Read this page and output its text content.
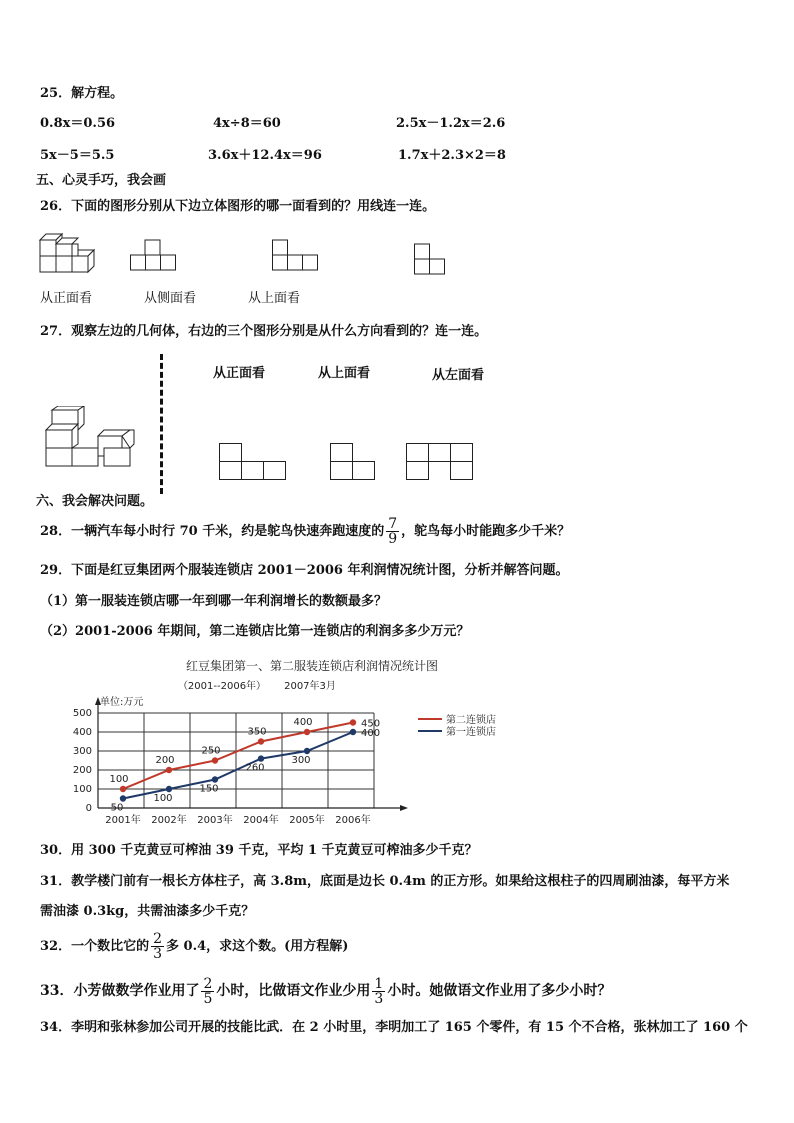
25．解方程。
0.8x＝0.56	4x÷8＝60	2.5x－1.2x＝2.6
5x－5＝5.5	3.6x＋12.4x＝96	1.7x＋2.3×2＝8
五、心灵手巧，我会画
26．下面的图形分别从下边立体图形的哪一面看到的？用线连一连。
从正面看	从侧面看	从上面看
27．观察左边的几何体，右边的三个图形分别是从什么方向看到的？连一连。
从正面看	从上面看	从左面看
六、我会解决问题。
28．一辆汽车每小时行 70 千米，约是鸵鸟快速奔跑速度的 $\frac{7}{9}$ ，鸵鸟每小时能跑多少千米？
29．下面是红豆集团两个服装连锁店 2001－2006 年利润情况统计图，分析并解答问题。
（1）第一服装连锁店哪一年到哪一年利润增长的数额最多？
（2）2001-2006 年期间，第二连锁店比第一连锁店的利润多多少万元？
红豆集团第一、第二服装连锁店利润情况统计图
（2001--2006年） 2007年3月
单位:万元
0
100
200
300
400
500
2001年 2002年 2003年 2004年 2005年 2006年
100
200
250
350
400	450
50
100
150
260
300
400
第二连锁店
第一连锁店
30．用 300 千克黄豆可榨油 39 千克，平均 1 千克黄豆可榨油多少千克？
31．教学楼门前有一根长方体柱子，高 3.8m，底面是边长 0.4m 的正方形。如果给这根柱子的四周刷油漆，每平方米
需油漆 0.3kg，共需油漆多少千克？
32．一个数比它的 $\frac{2}{3}$ 多 0.4，求这个数。(用方程解)
33．小芳做数学作业用了 $\frac{2}{5}$ 小时，比做语文作业少用 $\frac{1}{3}$ 小时。她做语文作业用了多少小时？
34．李明和张林参加公司开展的技能比武．在 2 小时里，李明加工了 165 个零件，有 15 个不合格，张林加工了 160 个
